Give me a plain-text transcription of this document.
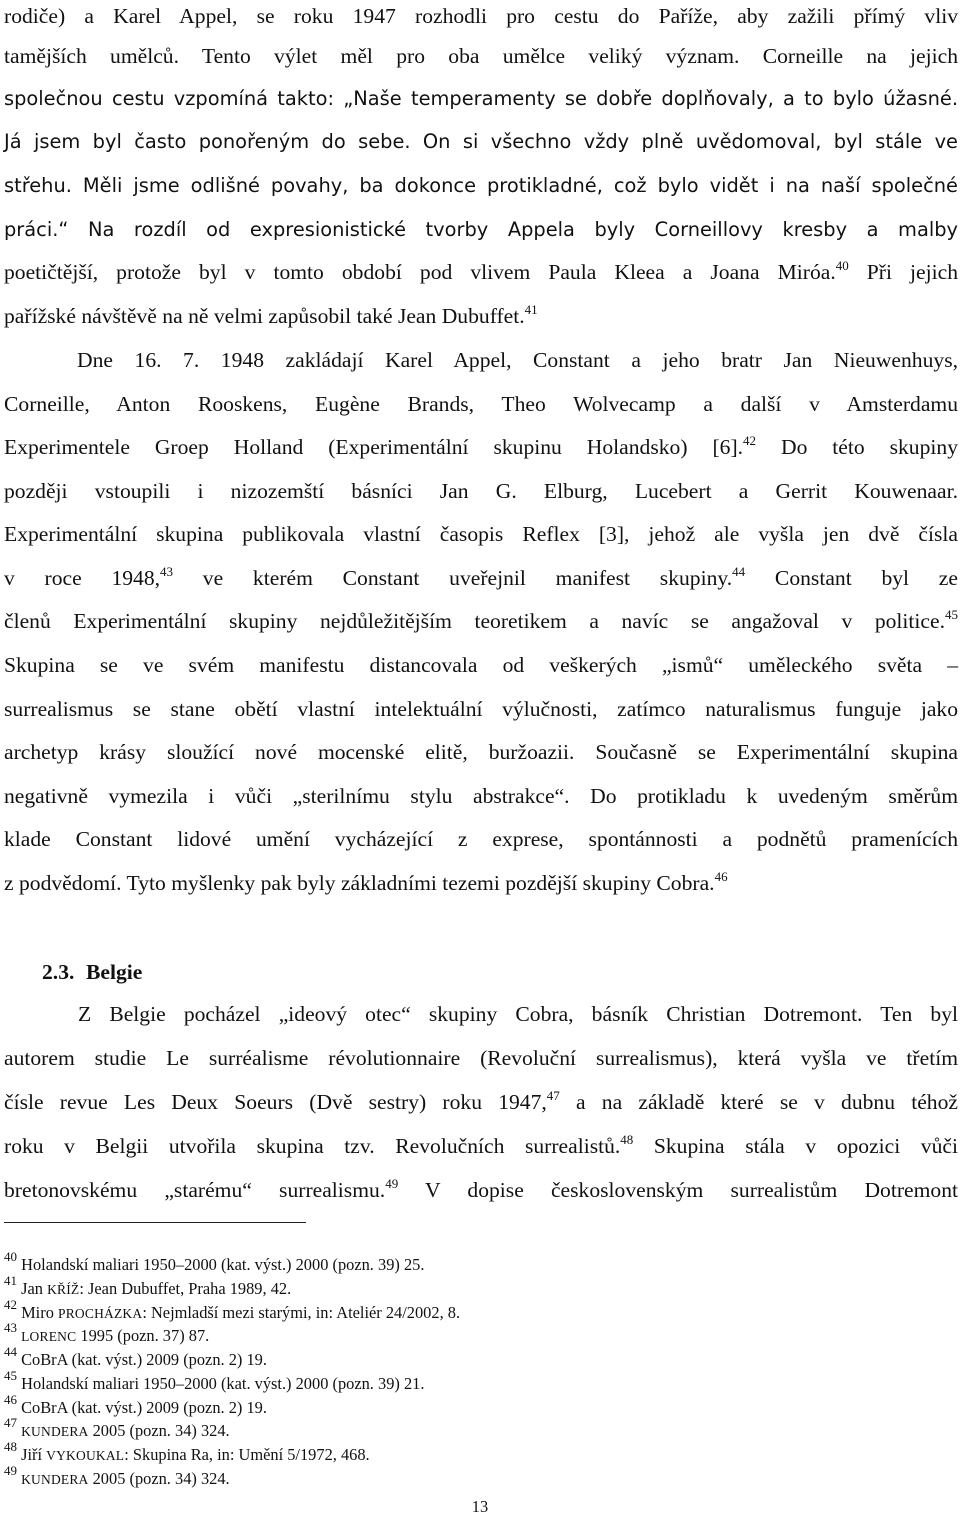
rodiče) a Karel Appel, se roku 1947 rozhodli pro cestu do Paříže, aby zažili přímý vliv
tamějších umělců. Tento výlet měl pro oba umělce veliký význam. Corneille na jejich
společnou cestu vzpomíná takto: „Naše temperamenty se dobře doplňovaly, a to bylo úžasné.
Já jsem byl často ponořeným do sebe. On si všechno vždy plně uvědomoval, byl stále ve
střehu. Měli jsme odlišné povahy, ba dokonce protikladné, což bylo vidět i na naší společné
práci.“ Na rozdíl od expresionistické tvorby Appela byly Corneillovy kresby a malby
poetičtější, protože byl v tomto období pod vlivem Paula Kleea a Joana Miróa.$^{40}$ Při jejich
pařížské návštěvě na ně velmi zapůsobil také Jean Dubuffet.$^{41}$
Dne 16. 7. 1948 zakládají Karel Appel, Constant a jeho bratr Jan Nieuwenhuys,
Corneille, Anton Rooskens, Eugène Brands, Theo Wolvecamp a další v Amsterdamu
Experimentele Groep Holland (Experimentální skupinu Holandsko) [6].$^{42}$ Do této skupiny
později vstoupili i nizozemští básníci Jan G. Elburg, Lucebert a Gerrit Kouwenaar.
Experimentální skupina publikovala vlastní časopis Reflex [3], jehož ale vyšla jen dvě čísla
v roce 1948,43 ve kterém Constant uveřejnil manifest skupiny.$^{44}$ Constant byl ze
členů Experimentální skupiny nejdůležitějším teoretikem a navíc se angažoval v politice.$^{45}$
Skupina se ve svém manifestu distancovala od veškerých „ismů“ uměleckého světa –
surrealismus se stane obětí vlastní intelektuální výlučnosti, zatímco naturalismus funguje jako
archetyp krásy sloužící nové mocenské elitě, buržoazii. Současně se Experimentální skupina
negativně vymezila i vůči „sterilnímu stylu abstrakce“. Do protikladu k uvedeným směrům
klade Constant lidové umění vycházející z exprese, spontánnosti a podnětů pramenících
z podvědomí. Tyto myšlenky pak byly základními tezemi pozdější skupiny Cobra.$^{46}$
2.3. Belgie
Z Belgie pocházel „ideový otec“ skupiny Cobra, básník Christian Dotremont. Ten byl
autorem studie Le surréalisme révolutionnaire (Revoluční surrealismus), která vyšla ve třetím
čísle revue Les Deux Soeurs (Dvě sestry) roku 1947,47 a na základě které se v dubnu téhož
roku v Belgii utvořila skupina tzv. Revolučních surrealistů.$^{48}$ Skupina stála v opozici vůči
bretonovskému „starému“ surrealismu.$^{49}$ V dopise československým surrealistům Dotremont
$^{40}$ Holandskí maliari 1950–2000 (kat. výst.) 2000 (pozn. 39) 25.
$^{41}$ Jan KŘÍŽ: Jean Dubuffet, Praha 1989, 42.
$^{42}$ Miro PROCHÁZKA: Nejmladší mezi starými, in: Ateliér 24/2002, 8.
$^{43}$ LORENC 1995 (pozn. 37) 87.
$^{44}$ CoBrA (kat. výst.) 2009 (pozn. 2) 19.
$^{45}$ Holandskí maliari 1950–2000 (kat. výst.) 2000 (pozn. 39) 21.
$^{46}$ CoBrA (kat. výst.) 2009 (pozn. 2) 19.
$^{47}$ KUNDERA 2005 (pozn. 34) 324.
$^{48}$ Jiří VYKOUKAL: Skupina Ra, in: Umění 5/1972, 468.
$^{49}$ KUNDERA 2005 (pozn. 34) 324.
13
